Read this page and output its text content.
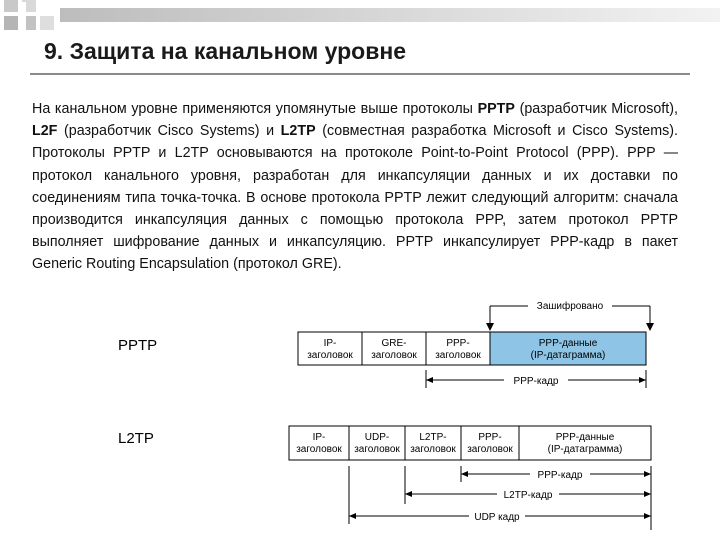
9. Защита на канальном уровне
На канальном уровне применяются упомянутые выше протоколы PPTP (разработчик Microsoft), L2F (разработчик Cisco Systems) и L2TP (совместная разработка Microsoft и Cisco Systems). Протоколы PPTP и L2TP основываются на протоколе Point-to-Point Protocol (PPP). PPP — протокол канального уровня, разработан для инкапсуляции данных и их доставки по соединениям типа точка-точка. В основе протокола PPTP лежит следующий алгоритм: сначала производится инкапсуляция данных с помощью протокола PPP, затем протокол PPTP выполняет шифрование данных и инкапсуляцию. PPTP инкапсулирует PPP-кадр в пакет Generic Routing Encapsulation (протокол GRE).
PPTP
L2TP
Зашифровано
IP-
заголовок
GRE-
заголовок
PPP-
заголовок
PPP-данные
(IP-датаграмма)
PPP-кадр
IP-
заголовок
UDP-
заголовок
L2TP-
заголовок
PPP-
заголовок
PPP-данные
(IP-датаграмма)
PPP-кадр
L2TP-кадр
UDP кадр
